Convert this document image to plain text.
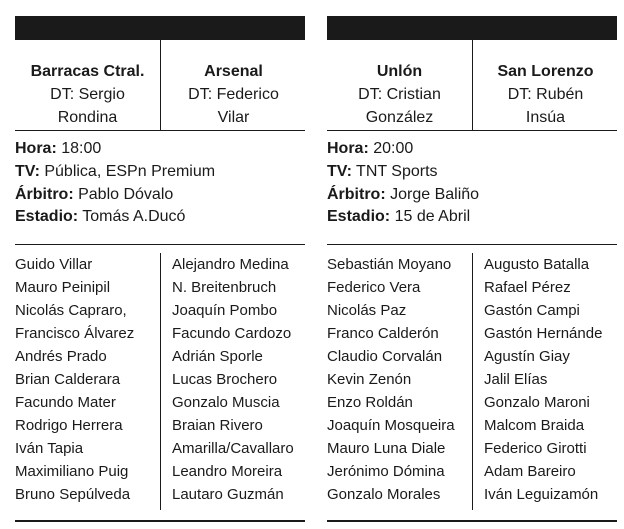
Barracas Ctral.
DT: Sergio
Rondina
Arsenal
DT: Federico
Vilar
Hora: 18:00
TV: Pública, ESPn Premium
Árbitro: Pablo Dóvalo
Estadio: Tomás A.Ducó
Guido Villar
Mauro Peinipil
Nicolás Capraro,
Francisco Álvarez
Andrés Prado
Brian Calderara
Facundo Mater
Rodrigo Herrera
Iván Tapia
Maximiliano Puig
Bruno Sepúlveda
Alejandro Medina
N. Breitenbruch
Joaquín Pombo
Facundo Cardozo
Adrián Sporle
Lucas Brochero
Gonzalo Muscia
Braian Rivero
Amarilla/Cavallaro
Leandro Moreira
Lautaro Guzmán
Unlón
DT: Cristian
González
San Lorenzo
DT: Rubén
Insúa
Hora: 20:00
TV: TNT Sports
Árbitro: Jorge Baliño
Estadio: 15 de Abril
Sebastián Moyano
Federico Vera
Nicolás Paz
Franco Calderón
Claudio Corvalán
Kevin Zenón
Enzo Roldán
Joaquín Mosqueira
Mauro Luna Diale
Jerónimo Dómina
Gonzalo Morales
Augusto Batalla
Rafael Pérez
Gastón Campi
Gastón Hernánde
Agustín Giay
Jalil Elías
Gonzalo Maroni
Malcom Braida
Federico Girotti
Adam Bareiro
Iván Leguizamón
